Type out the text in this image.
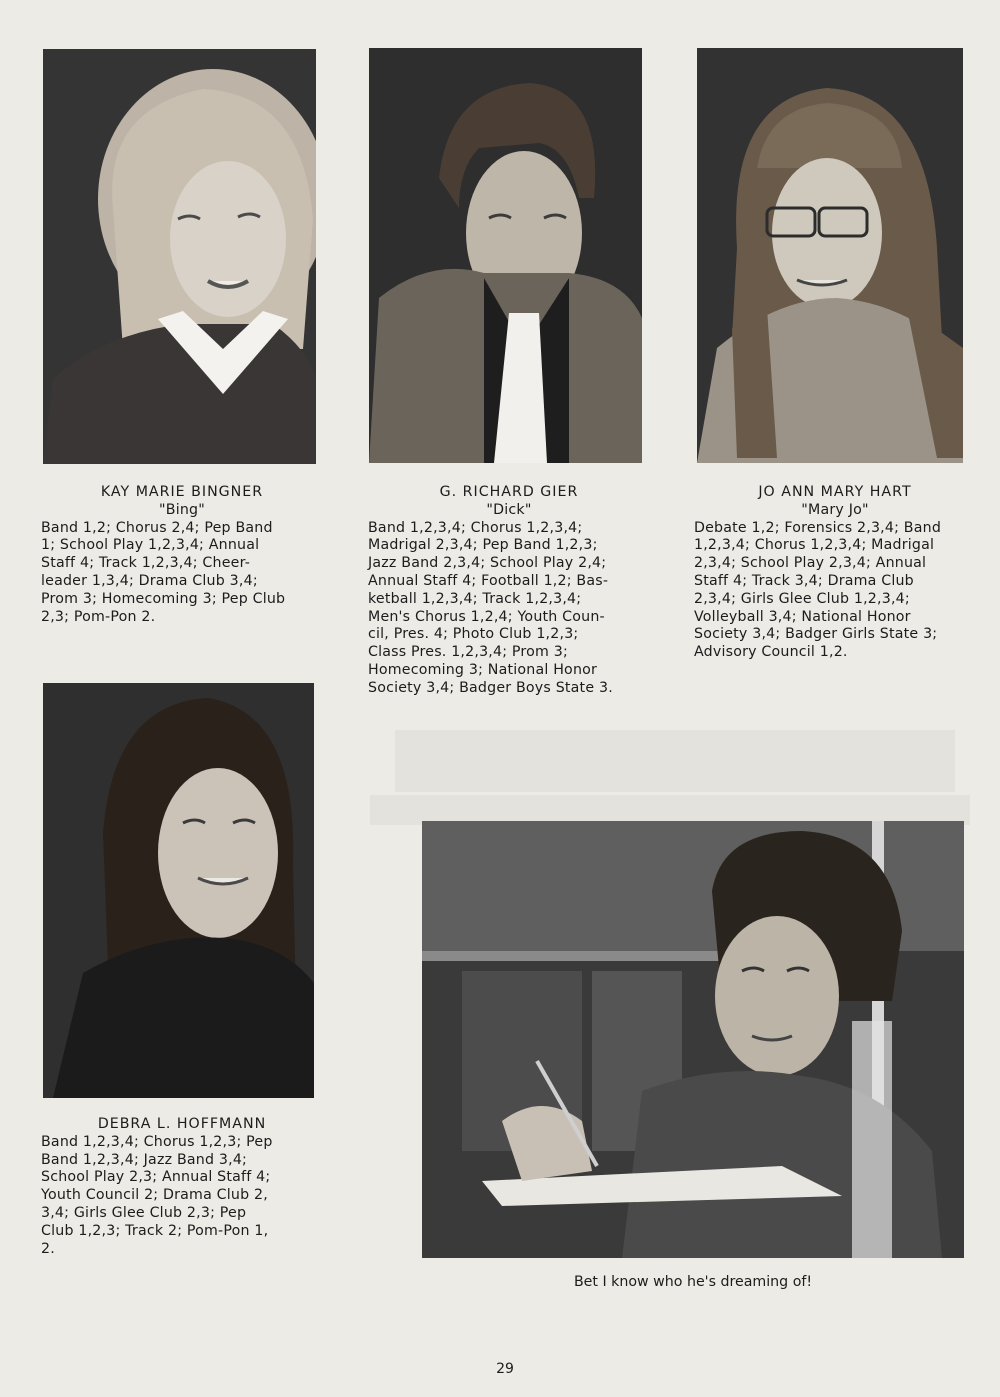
KAY MARIE BINGNER
"Bing"
Band 1,2; Chorus 2,4; Pep Band
1; School Play 1,2,3,4; Annual
Staff 4; Track 1,2,3,4; Cheer-
leader 1,3,4; Drama Club 3,4;
Prom 3; Homecoming 3; Pep Club
2,3; Pom-Pon 2.
G. RICHARD GIER
"Dick"
Band 1,2,3,4; Chorus 1,2,3,4;
Madrigal 2,3,4; Pep Band 1,2,3;
Jazz Band 2,3,4; School Play 2,4;
Annual Staff 4; Football 1,2; Bas-
ketball 1,2,3,4; Track 1,2,3,4;
Men's Chorus 1,2,4; Youth Coun-
cil, Pres. 4; Photo Club 1,2,3;
Class Pres. 1,2,3,4; Prom 3;
Homecoming 3; National Honor
Society 3,4; Badger Boys State 3.
JO ANN MARY HART
"Mary Jo"
Debate 1,2; Forensics 2,3,4; Band
1,2,3,4; Chorus 1,2,3,4; Madrigal
2,3,4; School Play 2,3,4; Annual
Staff 4; Track 3,4; Drama Club
2,3,4; Girls Glee Club 1,2,3,4;
Volleyball 3,4; National Honor
Society 3,4; Badger Girls State 3;
Advisory Council 1,2.
DEBRA L. HOFFMANN
Band 1,2,3,4; Chorus 1,2,3; Pep
Band 1,2,3,4; Jazz Band 3,4;
School Play 2,3; Annual Staff 4;
Youth Council 2; Drama Club 2,
3,4; Girls Glee Club 2,3; Pep
Club 1,2,3; Track 2; Pom-Pon 1,
2.
Bet I know who he's dreaming of!
29
